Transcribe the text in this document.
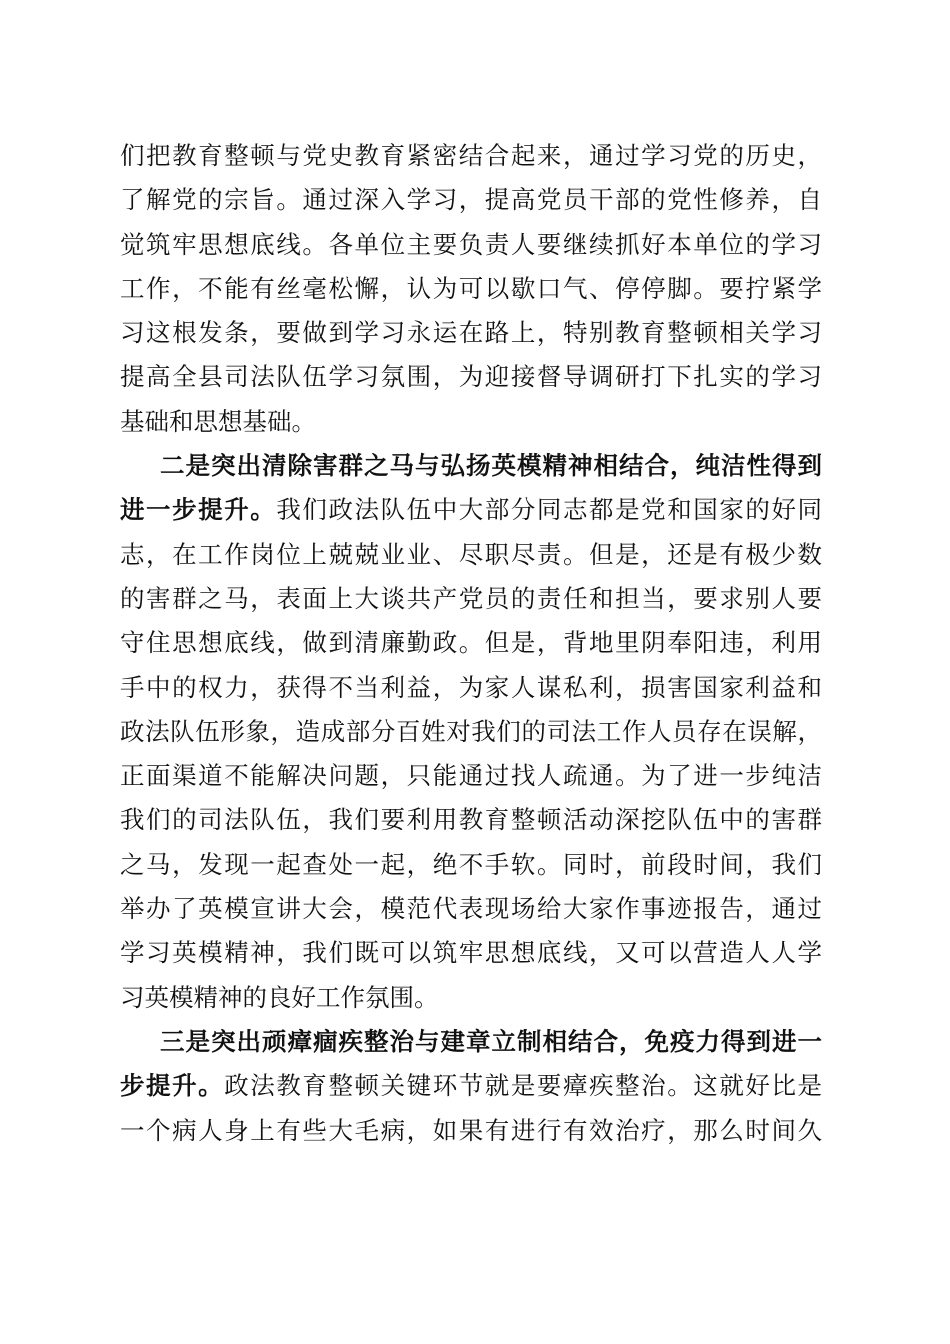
们把教育整顿与党史教育紧密结合起来，通过学习党的历史，
了解党的宗旨。通过深入学习，提高党员干部的党性修养，自
觉筑牢思想底线。各单位主要负责人要继续抓好本单位的学习
工作，不能有丝毫松懈，认为可以歇口气、停停脚。要拧紧学
习这根发条，要做到学习永运在路上，特别教育整顿相关学习
提高全县司法队伍学习氛围，为迎接督导调研打下扎实的学习
基础和思想基础。
二是突出清除害群之马与弘扬英模精神相结合，纯洁性得到
进一步提升。我们政法队伍中大部分同志都是党和国家的好同
志，在工作岗位上兢兢业业、尽职尽责。但是，还是有极少数
的害群之马，表面上大谈共产党员的责任和担当，要求别人要
守住思想底线，做到清廉勤政。但是，背地里阴奉阳违，利用
手中的权力，获得不当利益，为家人谋私利，损害国家利益和
政法队伍形象，造成部分百姓对我们的司法工作人员存在误解，
正面渠道不能解决问题，只能通过找人疏通。为了进一步纯洁
我们的司法队伍，我们要利用教育整顿活动深挖队伍中的害群
之马，发现一起查处一起，绝不手软。同时，前段时间，我们
举办了英模宣讲大会，模范代表现场给大家作事迹报告，通过
学习英模精神，我们既可以筑牢思想底线，又可以营造人人学
习英模精神的良好工作氛围。
三是突出顽瘴痼疾整治与建章立制相结合，免疫力得到进一
步提升。政法教育整顿关键环节就是要瘴疾整治。这就好比是
一个病人身上有些大毛病，如果有进行有效治疗，那么时间久
